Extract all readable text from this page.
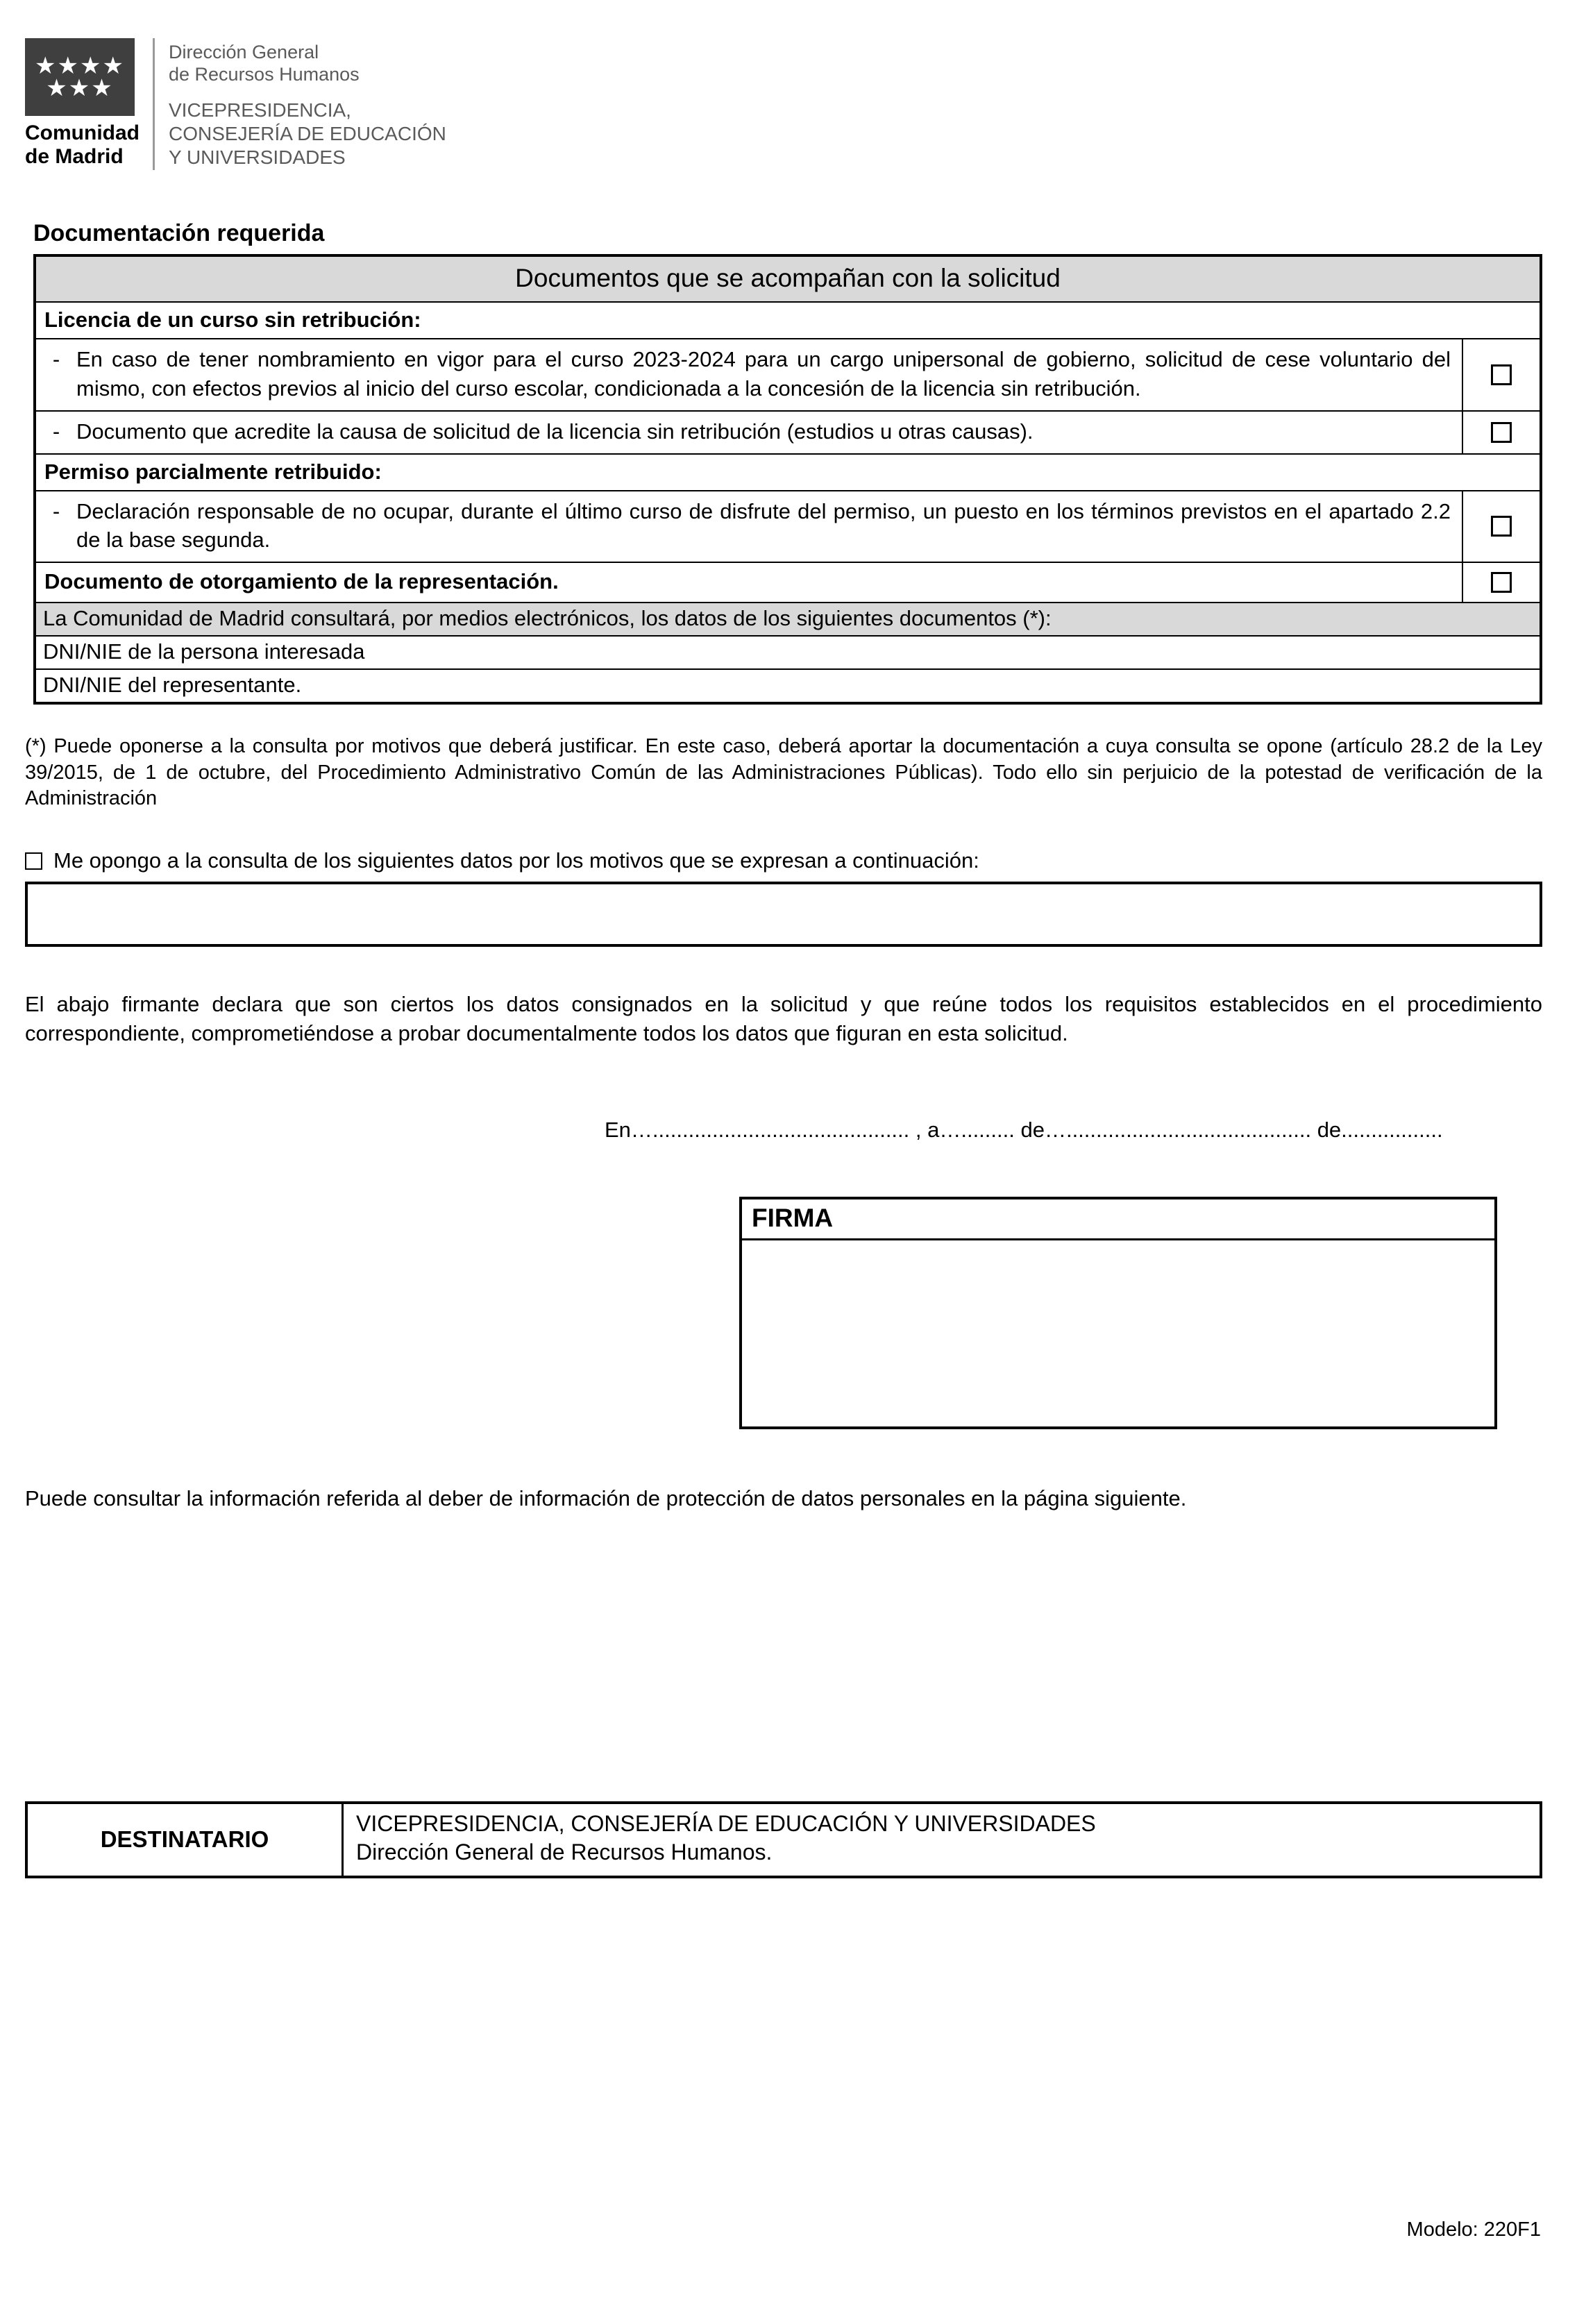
★★★★
★★★
Comunidad
de Madrid
Dirección General
de Recursos Humanos
VICEPRESIDENCIA,
CONSEJERÍA DE EDUCACIÓN
Y UNIVERSIDADES
Documentación requerida
Documentos que se acompañan con la solicitud
Licencia de un curso sin retribución:
- En caso de tener nombramiento en vigor para el curso 2023-2024 para un cargo unipersonal de gobierno, solicitud de cese voluntario del mismo, con efectos previos al inicio del curso escolar, condicionada a la concesión de la licencia sin retribución.
- Documento que acredite la causa de solicitud de la licencia sin retribución (estudios u otras causas).
Permiso parcialmente retribuido:
- Declaración responsable de no ocupar, durante el último curso de disfrute del permiso, un puesto en los términos previstos en el apartado 2.2 de la base segunda.
Documento de otorgamiento de la representación.
La Comunidad de Madrid consultará, por medios electrónicos, los datos de los siguientes documentos (*):
DNI/NIE de la persona interesada
DNI/NIE del representante.
(*) Puede oponerse a la consulta por motivos que deberá justificar. En este caso, deberá aportar la documentación a cuya consulta se opone (artículo 28.2 de la Ley 39/2015, de 1 de octubre, del Procedimiento Administrativo Común de las Administraciones Públicas). Todo ello sin perjuicio de la potestad de verificación de la Administración
Me opongo a la consulta de los siguientes datos por los motivos que se expresan a continuación:
El abajo firmante declara que son ciertos los datos consignados en la solicitud y que reúne todos los requisitos establecidos en el procedimiento correspondiente, comprometiéndose a probar documentalmente todos los datos que figuran en esta solicitud.
En…........................................... , a…......... de…......................................... de.................
FIRMA
Puede consultar la información referida al deber de información de protección de datos personales en la página siguiente.
DESTINATARIO
VICEPRESIDENCIA, CONSEJERÍA DE EDUCACIÓN Y UNIVERSIDADES
Dirección General de Recursos Humanos.
Modelo: 220F1
